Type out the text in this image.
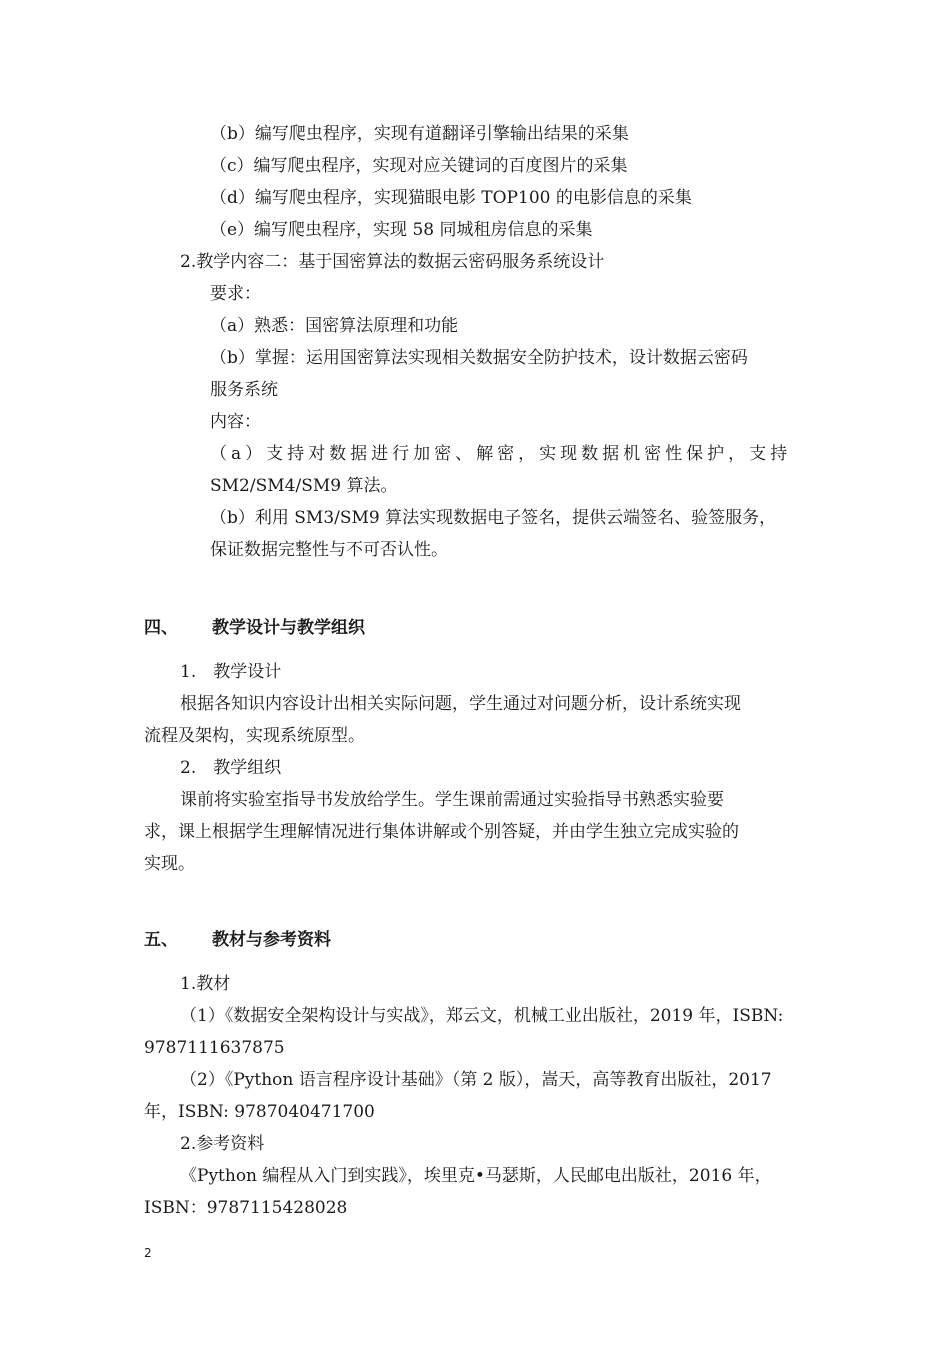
（b）编写爬虫程序，实现有道翻译引擎输出结果的采集
（c）编写爬虫程序，实现对应关键词的百度图片的采集
（d）编写爬虫程序，实现猫眼电影 TOP100 的电影信息的采集
（e）编写爬虫程序，实现 58 同城租房信息的采集
2.教学内容二：基于国密算法的数据云密码服务系统设计
要求：
（a）熟悉：国密算法原理和功能
（b）掌握：运用国密算法实现相关数据安全防护技术，设计数据云密码
服务系统
内容：
（a）支持对数据进行加密、解密，实现数据机密性保护，支持
SM2/SM4/SM9 算法。
（b）利用 SM3/SM9 算法实现数据电子签名，提供云端签名、验签服务，
保证数据完整性与不可否认性。
四、 教学设计与教学组织
1.　教学设计
根据各知识内容设计出相关实际问题，学生通过对问题分析，设计系统实现
流程及架构，实现系统原型。
2.　教学组织
课前将实验室指导书发放给学生。学生课前需通过实验指导书熟悉实验要
求，课上根据学生理解情况进行集体讲解或个别答疑，并由学生独立完成实验的
实现。
五、 教材与参考资料
1.教材
（1）《数据安全架构设计与实战》，郑云文，机械工业出版社，2019 年，ISBN:
9787111637875
（2）《Python 语言程序设计基础》（第 2 版），嵩天，高等教育出版社，2017
年，ISBN: 9787040471700
2.参考资料
《Python 编程从入门到实践》，埃里克•马瑟斯，人民邮电出版社，2016 年，
ISBN：9787115428028
2
